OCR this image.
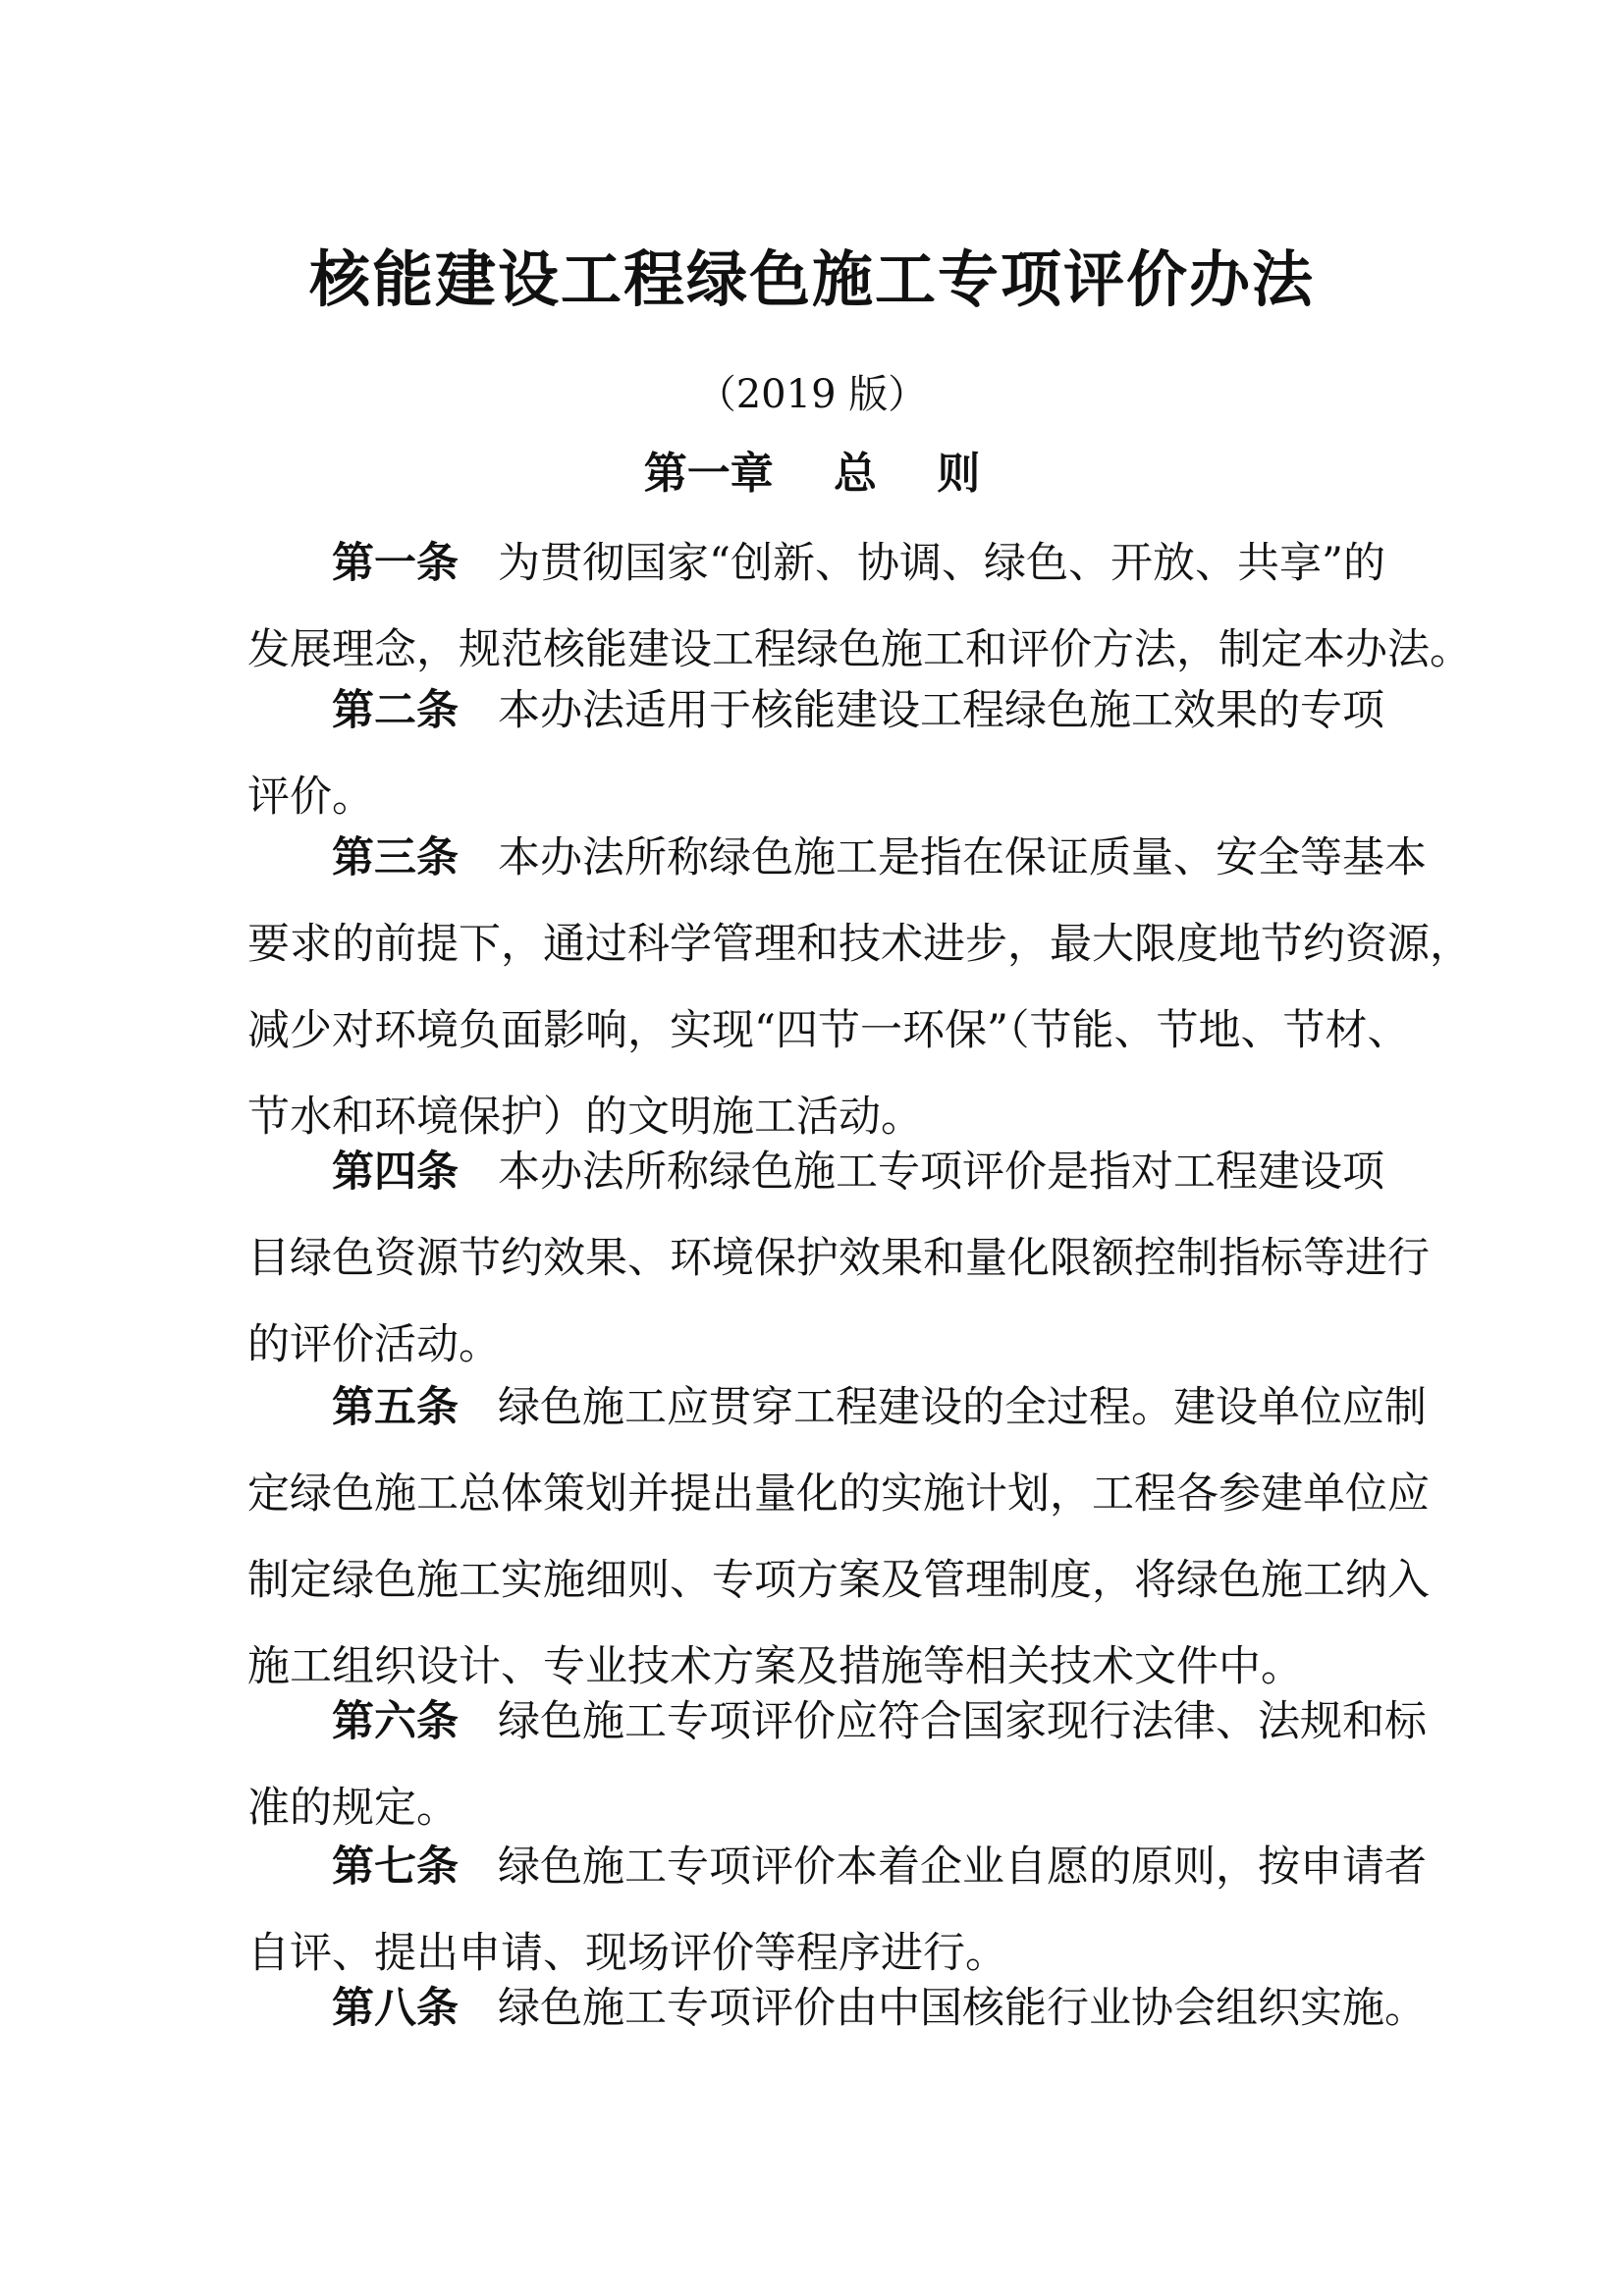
核能建设工程绿色施工专项评价办法
（2019 版）
第一章    总    则
第一条 为贯彻国家“创新、协调、绿色、开放、共享”的
发展理念，规范核能建设工程绿色施工和评价方法，制定本办法。
第二条 本办法适用于核能建设工程绿色施工效果的专项
评价。
第三条 本办法所称绿色施工是指在保证质量、安全等基本
要求的前提下，通过科学管理和技术进步，最大限度地节约资源，
减少对环境负面影响，实现“四节一环保”（节能、节地、节材、
节水和环境保护）的文明施工活动。
第四条 本办法所称绿色施工专项评价是指对工程建设项
目绿色资源节约效果、环境保护效果和量化限额控制指标等进行
的评价活动。
第五条 绿色施工应贯穿工程建设的全过程。建设单位应制
定绿色施工总体策划并提出量化的实施计划，工程各参建单位应
制定绿色施工实施细则、专项方案及管理制度，将绿色施工纳入
施工组织设计、专业技术方案及措施等相关技术文件中。
第六条 绿色施工专项评价应符合国家现行法律、法规和标
准的规定。
第七条 绿色施工专项评价本着企业自愿的原则，按申请者
自评、提出申请、现场评价等程序进行。
第八条 绿色施工专项评价由中国核能行业协会组织实施。
